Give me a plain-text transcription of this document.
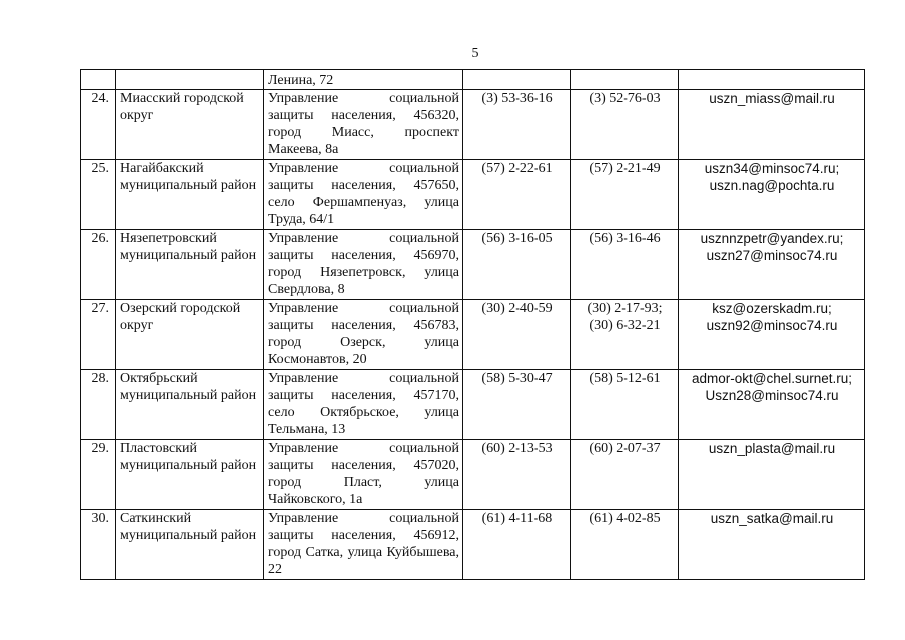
5
		Ленина, 72			
24.	Миасский городской округ	Управление социальной защиты населения, 456320, город Миасс, проспект Макеева, 8а	(3) 53-36-16	(3) 52-76-03	uszn_miass@mail.ru

25.	Нагайбакский муниципальный район	Управление социальной защиты населения, 457650, село Фершампенуаз, улица Труда, 64/1	(57) 2-22-61	(57) 2-21-49	uszn34@minsoc74.ru;
uszn.nag@pochta.ru

26.	Нязепетровский муниципальный район	Управление социальной защиты населения, 456970, город Нязепетровск, улица Свердлова, 8	(56) 3-16-05	(56) 3-16-46	usznnzpetr@yandex.ru;
uszn27@minsoc74.ru

27.	Озерский городской округ	Управление социальной защиты населения, 456783, город Озерск, улица Космонавтов, 20	(30) 2-40-59	(30) 2-17-93;
(30) 6-32-21	ksz@ozerskadm.ru;
uszn92@minsoc74.ru

28.	Октябрьский муниципальный район	Управление социальной защиты населения, 457170, село Октябрьское, улица Тельмана, 13	(58) 5-30-47	(58) 5-12-61	admor-okt@chel.surnet.ru;
Uszn28@minsoc74.ru

29.	Пластовский муниципальный район	Управление социальной защиты населения, 457020, город Пласт, улица Чайковского, 1а	(60) 2-13-53	(60) 2-07-37	uszn_plasta@mail.ru

30.	Саткинский муниципальный район	Управление социальной защиты населения, 456912, город Сатка, улица Куйбышева, 22	(61) 4-11-68	(61) 4-02-85	uszn_satka@mail.ru
